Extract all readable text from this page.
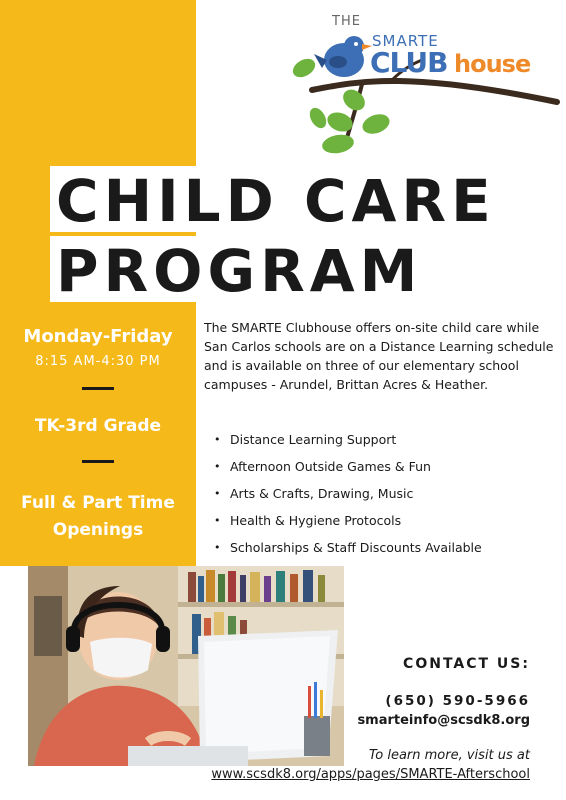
THE
SMARTE
CLUB house
CHILD CARE
PROGRAM
Monday-Friday
8:15 AM-4:30 PM
TK-3rd Grade
Full & Part Time
Openings

The SMARTE Clubhouse offers on-site child care while San Carlos schools are on a Distance Learning schedule and is available on three of our elementary school campuses - Arundel, Brittan Acres & Heather.

• Distance Learning Support
• Afternoon Outside Games & Fun
• Arts & Crafts, Drawing, Music
• Health & Hygiene Protocols
• Scholarships & Staff Discounts Available
CONTACT US:
(650) 590-5966
smarteinfo@scsdk8.org
To learn more, visit us at
www.scsdk8.org/apps/pages/SMARTE-Afterschool
